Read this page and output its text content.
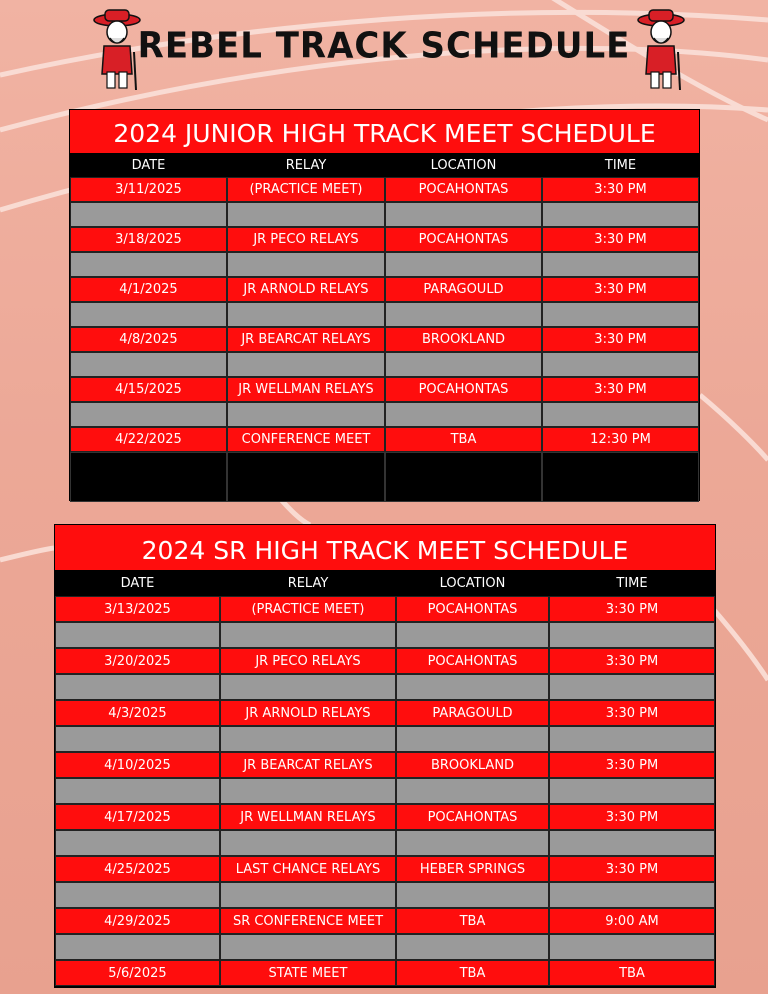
REBEL TRACK SCHEDULE
2024 JUNIOR HIGH TRACK MEET SCHEDULE
DATE	RELAY	LOCATION	TIME
3/11/2025	(PRACTICE MEET)	POCAHONTAS	3:30 PM
3/18/2025	JR PECO RELAYS	POCAHONTAS	3:30 PM
4/1/2025	JR ARNOLD RELAYS	PARAGOULD	3:30 PM
4/8/2025	JR BEARCAT RELAYS	BROOKLAND	3:30 PM
4/15/2025	JR WELLMAN RELAYS	POCAHONTAS	3:30 PM
4/22/2025	CONFERENCE MEET	TBA	12:30 PM
2024 SR HIGH TRACK MEET SCHEDULE
DATE	RELAY	LOCATION	TIME
3/13/2025	(PRACTICE MEET)	POCAHONTAS	3:30 PM
3/20/2025	JR PECO RELAYS	POCAHONTAS	3:30 PM
4/3/2025	JR ARNOLD RELAYS	PARAGOULD	3:30 PM
4/10/2025	JR BEARCAT RELAYS	BROOKLAND	3:30 PM
4/17/2025	JR WELLMAN RELAYS	POCAHONTAS	3:30 PM
4/25/2025	LAST CHANCE RELAYS	HEBER SPRINGS	3:30 PM
4/29/2025	SR CONFERENCE MEET	TBA	9:00 AM
5/6/2025	STATE MEET	TBA	TBA
